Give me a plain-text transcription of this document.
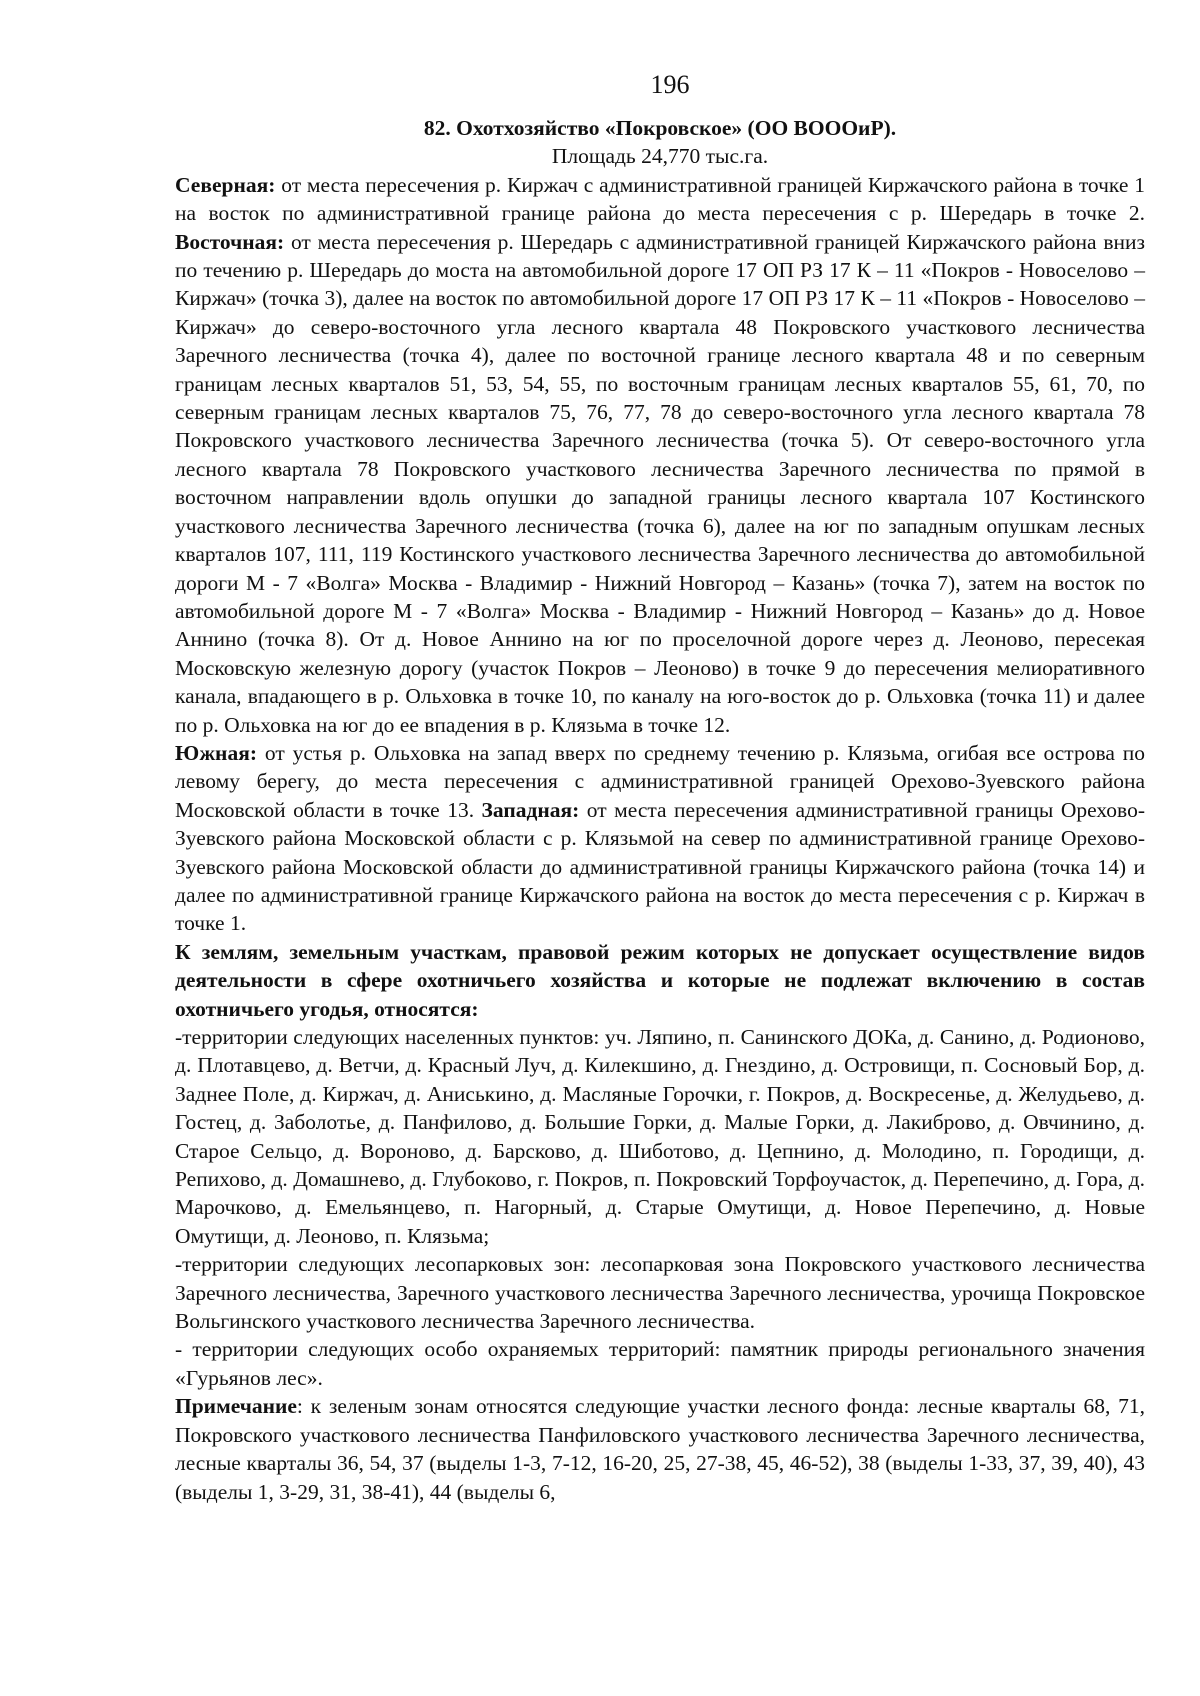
196
82. Охотхозяйство «Покровское» (ОО ВОООиР).
Площадь 24,770 тыс.га.

Северная: от места пересечения р. Киржач с административной границей Киржачского района в точке 1 на восток по административной границе района до места пересечения с р. Шередарь в точке 2. Восточная: от места пересечения р. Шередарь с административной границей Киржачского района вниз по течению р. Шередарь до моста на автомобильной дороге 17 ОП РЗ 17 К – 11 «Покров - Новоселово – Киржач» (точка 3), далее на восток по автомобильной дороге 17 ОП РЗ 17 К – 11 «Покров - Новоселово – Киржач» до северо-восточного угла лесного квартала 48 Покровского участкового лесничества Заречного лесничества (точка 4), далее по восточной границе лесного квартала 48 и по северным границам лесных кварталов 51, 53, 54, 55, по восточным границам лесных кварталов 55, 61, 70, по северным границам лесных кварталов 75, 76, 77, 78 до северо-восточного угла лесного квартала 78 Покровского участкового лесничества Заречного лесничества (точка 5). От северо-восточного угла лесного квартала 78 Покровского участкового лесничества Заречного лесничества по прямой в восточном направлении вдоль опушки до западной границы лесного квартала 107 Костинского участкового лесничества Заречного лесничества (точка 6), далее на юг по западным опушкам лесных кварталов 107, 111, 119 Костинского участкового лесничества Заречного лесничества до автомобильной дороги М - 7 «Волга» Москва - Владимир - Нижний Новгород – Казань» (точка 7), затем на восток по автомобильной дороге М - 7 «Волга» Москва - Владимир - Нижний Новгород – Казань» до д. Новое Аннино (точка 8). От д. Новое Аннино на юг по проселочной дороге через д. Леоново, пересекая Московскую железную дорогу (участок Покров – Леоново) в точке 9 до пересечения мелиоративного канала, впадающего в р. Ольховка в точке 10, по каналу на юго-восток до р. Ольховка (точка 11) и далее по р. Ольховка на юг до ее впадения в р. Клязьма в точке 12.

Южная: от устья р. Ольховка на запад вверх по среднему течению р. Клязьма, огибая все острова по левому берегу, до места пересечения с административной границей Орехово-Зуевского района Московской области в точке 13. Западная: от места пересечения административной границы Орехово-Зуевского района Московской области с р. Клязьмой на север по административной границе Орехово-Зуевского района Московской области до административной границы Киржачского района (точка 14) и далее по административной границе Киржачского района на восток до места пересечения с р. Киржач в точке 1.

К землям, земельным участкам, правовой режим которых не допускает осуществление видов деятельности в сфере охотничьего хозяйства и которые не подлежат включению в состав охотничьего угодья, относятся:

-территории следующих населенных пунктов: уч. Ляпино, п. Санинского ДОКа, д. Санино, д. Родионово, д. Плотавцево, д. Ветчи, д. Красный Луч, д. Килекшино, д. Гнездино, д. Островищи, п. Сосновый Бор, д. Заднее Поле, д. Киржач, д. Аниськино, д. Масляные Горочки, г. Покров, д. Воскресенье, д. Желудьево, д. Гостец, д. Заболотье, д. Панфилово, д. Большие Горки, д. Малые Горки, д. Лакиброво, д. Овчинино, д. Старое Сельцо, д. Вороново, д. Барсково, д. Шиботово, д. Цепнино, д. Молодино, п. Городищи, д. Репихово, д. Домашнево, д. Глубоково, г. Покров, п. Покровский Торфоучасток, д. Перепечино, д. Гора, д. Марочково, д. Емельянцево, п. Нагорный, д. Старые Омутищи, д. Новое Перепечино, д. Новые Омутищи, д. Леоново, п. Клязьма;

-территории следующих лесопарковых зон: лесопарковая зона Покровского участкового лесничества Заречного лесничества, Заречного участкового лесничества Заречного лесничества, урочища Покровское Вольгинского участкового лесничества Заречного лесничества.

- территории следующих особо охраняемых территорий: памятник природы регионального значения «Гурьянов лес».

Примечание: к зеленым зонам относятся следующие участки лесного фонда: лесные кварталы 68, 71, Покровского участкового лесничества Панфиловского участкового лесничества Заречного лесничества, лесные кварталы 36, 54, 37 (выделы 1-3, 7-12, 16-20, 25, 27-38, 45, 46-52), 38 (выделы 1-33, 37, 39, 40), 43 (выделы 1, 3-29, 31, 38-41), 44 (выделы 6,
